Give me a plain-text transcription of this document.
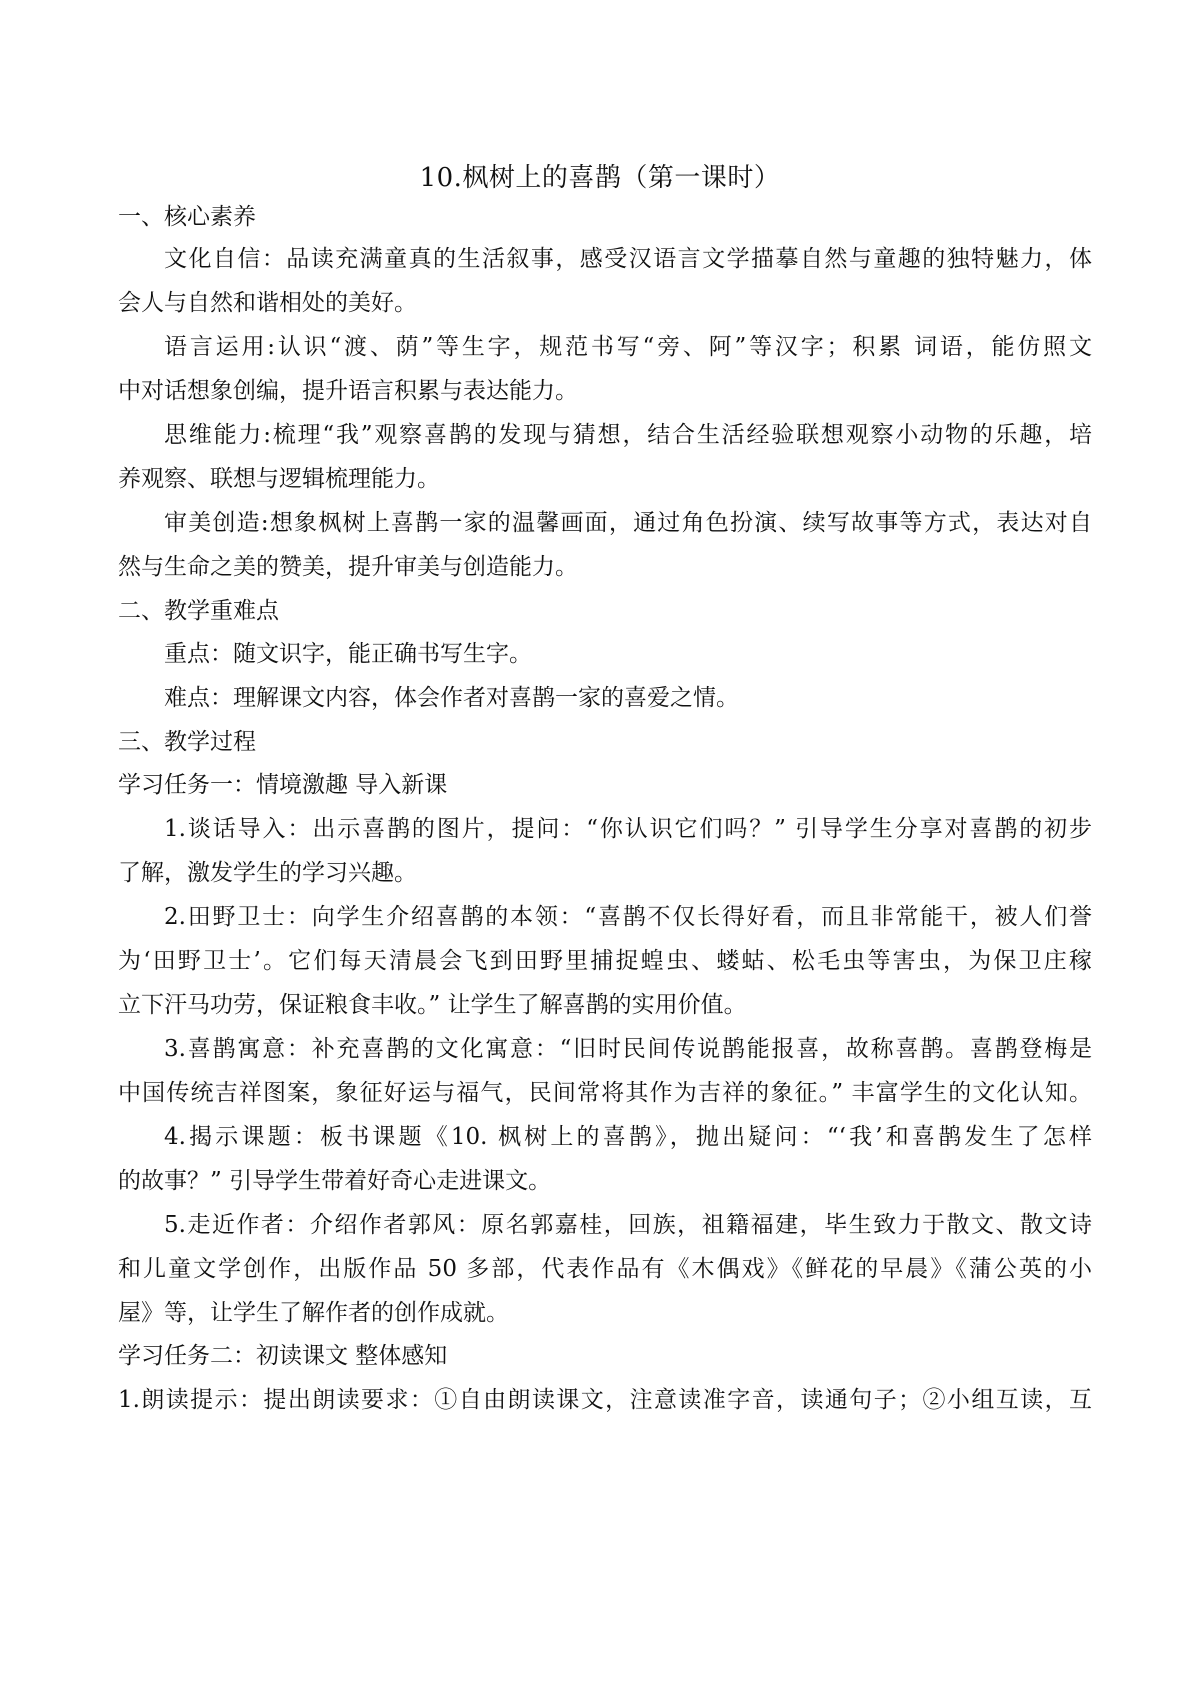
10.枫树上的喜鹊（第一课时）
一、核心素养
文化自信：品读充满童真的生活叙事，感受汉语言文学描摹自然与童趣的独特魅力，体
会人与自然和谐相处的美好。
语言运用:认识“渡、荫”等生字，规范书写“旁、阿”等汉字；积累 词语，能仿照文
中对话想象创编，提升语言积累与表达能力。
思维能力:梳理“我”观察喜鹊的发现与猜想，结合生活经验联想观察小动物的乐趣，培
养观察、联想与逻辑梳理能力。
审美创造:想象枫树上喜鹊一家的温馨画面，通过角色扮演、续写故事等方式，表达对自
然与生命之美的赞美，提升审美与创造能力。
二、教学重难点
重点：随文识字，能正确书写生字。
难点：理解课文内容，体会作者对喜鹊一家的喜爱之情。
三、教学过程
学习任务一：情境激趣 导入新课
1.谈话导入：出示喜鹊的图片，提问：“你认识它们吗？” 引导学生分享对喜鹊的初步
了解，激发学生的学习兴趣。
2.田野卫士：向学生介绍喜鹊的本领：“喜鹊不仅长得好看，而且非常能干，被人们誉
为‘田野卫士’。它们每天清晨会飞到田野里捕捉蝗虫、蝼蛄、松毛虫等害虫，为保卫庄稼
立下汗马功劳，保证粮食丰收。” 让学生了解喜鹊的实用价值。
3.喜鹊寓意：补充喜鹊的文化寓意：“旧时民间传说鹊能报喜，故称喜鹊。喜鹊登梅是
中国传统吉祥图案，象征好运与福气，民间常将其作为吉祥的象征。” 丰富学生的文化认知。
4.揭示课题：板书课题《10. 枫树上的喜鹊》，抛出疑问：“‘我’和喜鹊发生了怎样
的故事？” 引导学生带着好奇心走进课文。
5.走近作者：介绍作者郭风：原名郭嘉桂，回族，祖籍福建，毕生致力于散文、散文诗
和儿童文学创作，出版作品 50 多部，代表作品有《木偶戏》《鲜花的早晨》《蒲公英的小
屋》等，让学生了解作者的创作成就。
学习任务二：初读课文 整体感知
1.朗读提示：提出朗读要求：①自由朗读课文，注意读准字音，读通句子；②小组互读，互
